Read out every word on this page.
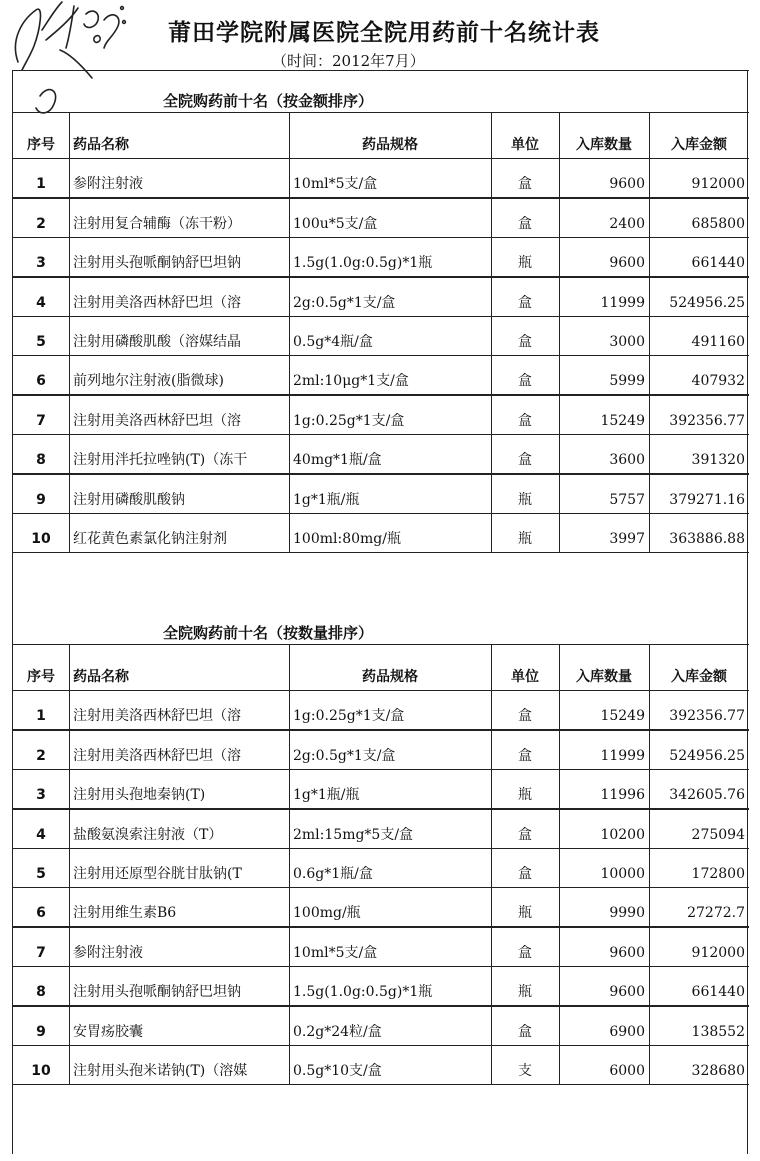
莆田学院附属医院全院用药前十名统计表
（时间：2012年7月）
全院购药前十名（按金额排序）
序号	药品名称	药品规格	单位	入库数量	入库金额
1	参附注射液	10ml*5支/盒	盒	9600	912000
2	注射用复合辅酶（冻干粉）	100u*5支/盒	盒	2400	685800
3	注射用头孢哌酮钠舒巴坦钠	1.5g(1.0g:0.5g)*1瓶	瓶	9600	661440
4	注射用美洛西林舒巴坦（溶	2g:0.5g*1支/盒	盒	11999	524956.25
5	注射用磷酸肌酸（溶媒结晶	0.5g*4瓶/盒	盒	3000	491160
6	前列地尔注射液(脂微球)	2ml:10μg*1支/盒	盒	5999	407932
7	注射用美洛西林舒巴坦（溶	1g:0.25g*1支/盒	盒	15249	392356.77
8	注射用泮托拉唑钠(T)（冻干	40mg*1瓶/盒	盒	3600	391320
9	注射用磷酸肌酸钠	1g*1瓶/瓶	瓶	5757	379271.16
10	红花黄色素氯化钠注射剂	100ml:80mg/瓶	瓶	3997	363886.88
全院购药前十名（按数量排序）
序号	药品名称	药品规格	单位	入库数量	入库金额
1	注射用美洛西林舒巴坦（溶	1g:0.25g*1支/盒	盒	15249	392356.77
2	注射用美洛西林舒巴坦（溶	2g:0.5g*1支/盒	盒	11999	524956.25
3	注射用头孢地秦钠(T)	1g*1瓶/瓶	瓶	11996	342605.76
4	盐酸氨溴索注射液（T）	2ml:15mg*5支/盒	盒	10200	275094
5	注射用还原型谷胱甘肽钠(T	0.6g*1瓶/盒	盒	10000	172800
6	注射用维生素B6	100mg/瓶	瓶	9990	27272.7
7	参附注射液	10ml*5支/盒	盒	9600	912000
8	注射用头孢哌酮钠舒巴坦钠	1.5g(1.0g:0.5g)*1瓶	瓶	9600	661440
9	安胃疡胶囊	0.2g*24粒/盒	盒	6900	138552
10	注射用头孢米诺钠(T)（溶媒	0.5g*10支/盒	支	6000	328680
